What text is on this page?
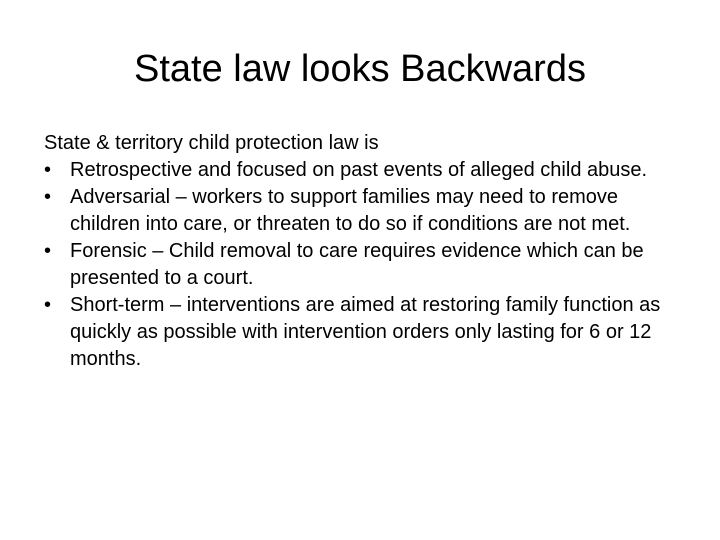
State law looks Backwards

State & territory child protection law is

• Retrospective and focused on past events of alleged child abuse.
• Adversarial – workers to support families may need to remove children into care, or threaten to do so if conditions are not met.
• Forensic – Child removal to care requires evidence which can be presented to a court.
• Short-term – interventions are aimed at restoring family function as quickly as possible with intervention orders only lasting for 6 or 12 months.
